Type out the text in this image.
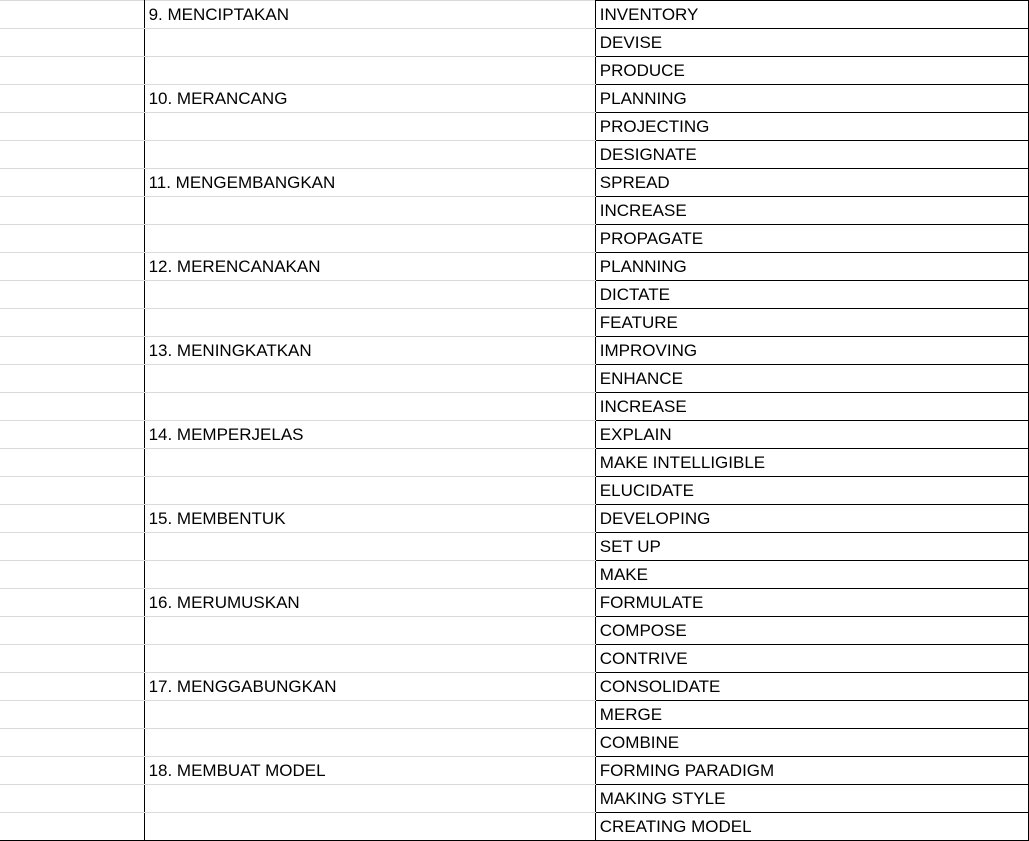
	9. MENCIPTAKAN	INVENTORY
		DEVISE
		PRODUCE
	10. MERANCANG	PLANNING
		PROJECTING
		DESIGNATE
	11. MENGEMBANGKAN	SPREAD
		INCREASE
		PROPAGATE
	12. MERENCANAKAN	PLANNING
		DICTATE
		FEATURE
	13. MENINGKATKAN	IMPROVING
		ENHANCE
		INCREASE
	14. MEMPERJELAS	EXPLAIN
		MAKE INTELLIGIBLE
		ELUCIDATE
	15. MEMBENTUK	DEVELOPING
		SET UP
		MAKE
	16. MERUMUSKAN	FORMULATE
		COMPOSE
		CONTRIVE
	17. MENGGABUNGKAN	CONSOLIDATE
		MERGE
		COMBINE
	18. MEMBUAT MODEL	FORMING PARADIGM
		MAKING STYLE
		CREATING MODEL
